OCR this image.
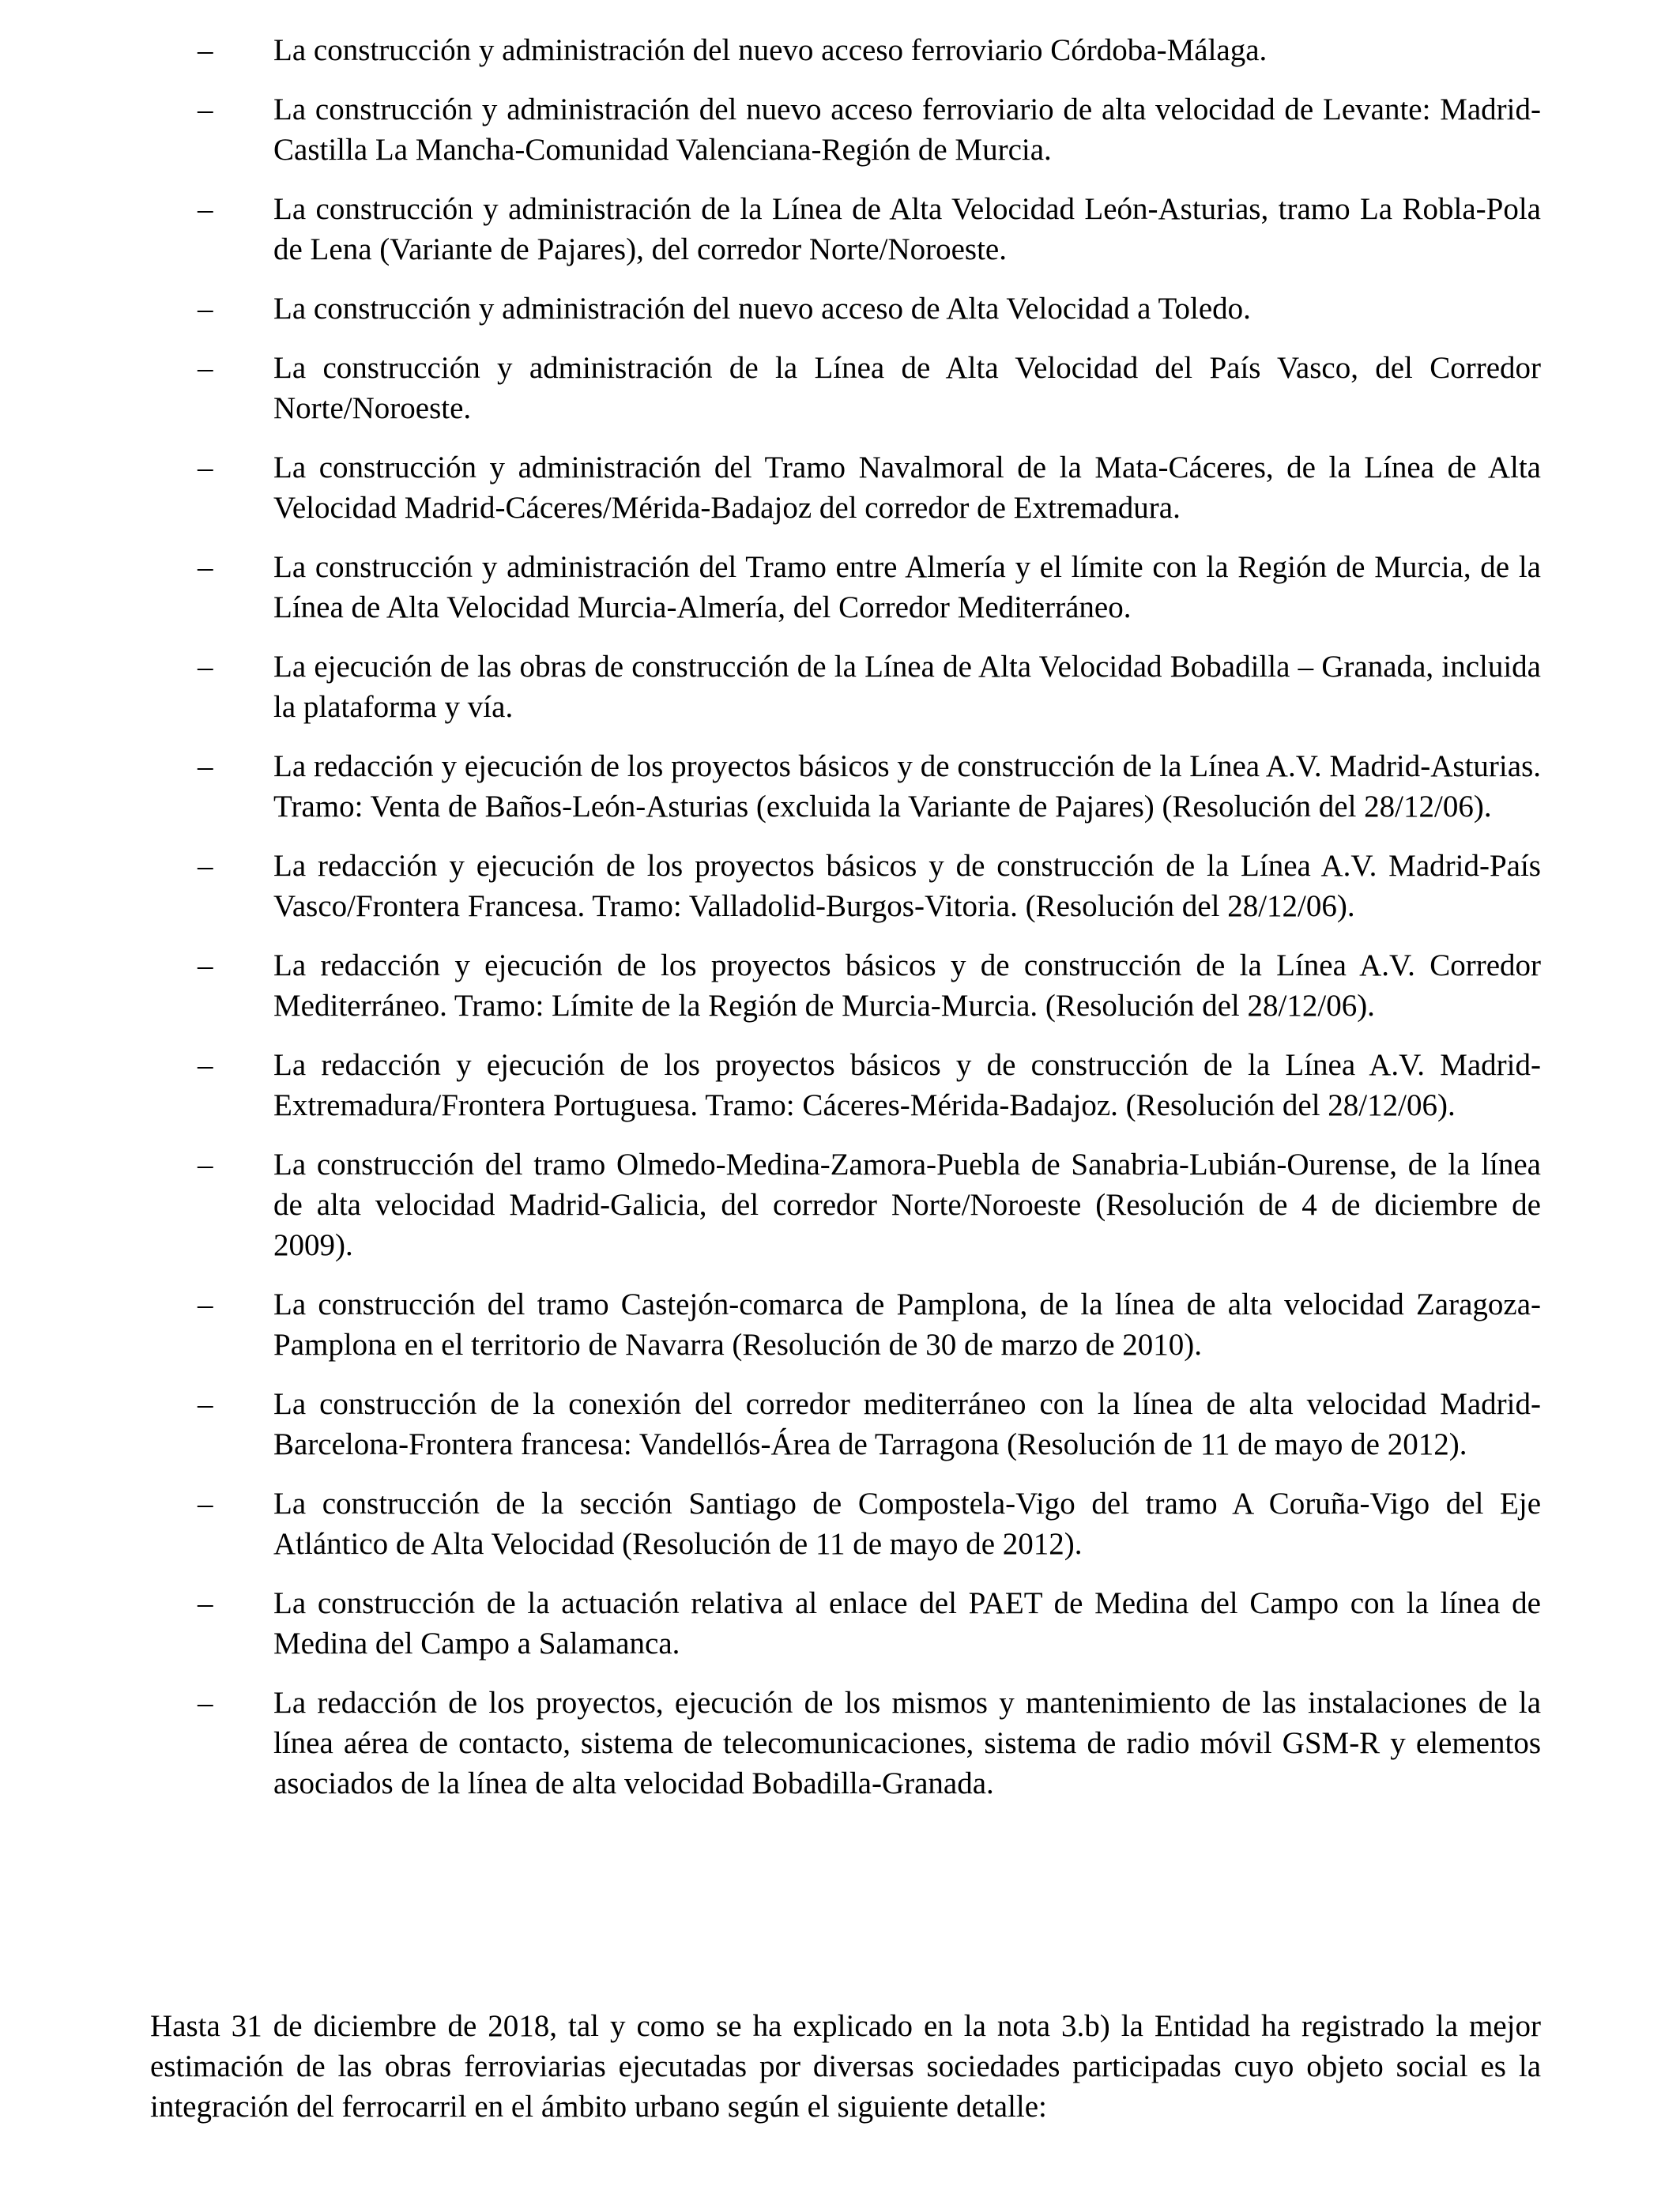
–	La construcción y administración del nuevo acceso ferroviario Córdoba-Málaga.
–	La construcción y administración del nuevo acceso ferroviario de alta velocidad de Levante: Madrid-Castilla La Mancha-Comunidad Valenciana-Región de Murcia.
–	La construcción y administración de la Línea de Alta Velocidad León-Asturias, tramo La Robla-Pola de Lena (Variante de Pajares), del corredor Norte/Noroeste.
–	La construcción y administración del nuevo acceso de Alta Velocidad a Toledo.
–	La construcción y administración de la Línea de Alta Velocidad del País Vasco, del Corredor Norte/Noroeste.
–	La construcción y administración del Tramo Navalmoral de la Mata-Cáceres, de la Línea de Alta Velocidad Madrid-Cáceres/Mérida-Badajoz del corredor de Extremadura.
–	La construcción y administración del Tramo entre Almería y el límite con la Región de Murcia, de la Línea de Alta Velocidad Murcia-Almería, del Corredor Mediterráneo.
–	La ejecución de las obras de construcción de la Línea de Alta Velocidad Bobadilla – Granada, incluida la plataforma y vía.
–	La redacción y ejecución de los proyectos básicos y de construcción de la Línea A.V. Madrid-Asturias. Tramo: Venta de Baños-León-Asturias (excluida la Variante de Pajares) (Resolución del 28/12/06).
–	La redacción y ejecución de los proyectos básicos y de construcción de la Línea A.V. Madrid-País Vasco/Frontera Francesa. Tramo: Valladolid-Burgos-Vitoria. (Resolución del 28/12/06).
–	La redacción y ejecución de los proyectos básicos y de construcción de la Línea A.V. Corredor Mediterráneo. Tramo: Límite de la Región de Murcia-Murcia. (Resolución del 28/12/06).
–	La redacción y ejecución de los proyectos básicos y de construcción de la Línea A.V. Madrid-Extremadura/Frontera Portuguesa. Tramo: Cáceres-Mérida-Badajoz. (Resolución del 28/12/06).
–	La construcción del tramo Olmedo-Medina-Zamora-Puebla de Sanabria-Lubián-Ourense, de la línea de alta velocidad Madrid-Galicia, del corredor Norte/Noroeste (Resolución de 4 de diciembre de 2009).
–	La construcción del tramo Castejón-comarca de Pamplona, de la línea de alta velocidad Zaragoza-Pamplona en el territorio de Navarra (Resolución de 30 de marzo de 2010).
–	La construcción de la conexión del corredor mediterráneo con la línea de alta velocidad Madrid-Barcelona-Frontera francesa: Vandellós-Área de Tarragona (Resolución de 11 de mayo de 2012).
–	La construcción de la sección Santiago de Compostela-Vigo del tramo A Coruña-Vigo del Eje Atlántico de Alta Velocidad (Resolución de 11 de mayo de 2012).
–	La construcción de la actuación relativa al enlace del PAET de Medina del Campo con la línea de Medina del Campo a Salamanca.
–	La redacción de los proyectos, ejecución de los mismos y mantenimiento de las instalaciones de la línea aérea de contacto, sistema de telecomunicaciones, sistema de radio móvil GSM-R y elementos asociados de la línea de alta velocidad Bobadilla-Granada.

Hasta 31 de diciembre de 2018, tal y como se ha explicado en la nota 3.b) la Entidad ha registrado la mejor estimación de las obras ferroviarias ejecutadas por diversas sociedades participadas cuyo objeto social es la integración del ferrocarril en el ámbito urbano según el siguiente detalle:
